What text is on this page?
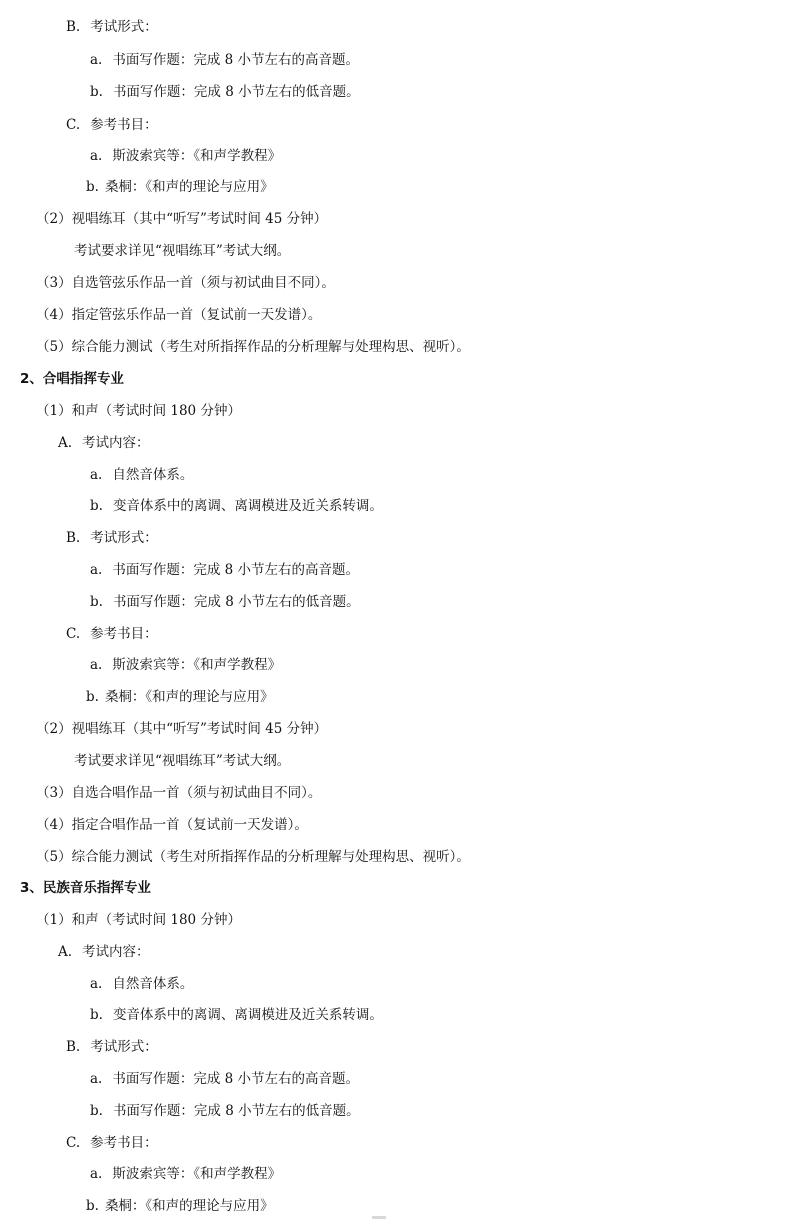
B. 考试形式：
a. 书面写作题：完成 8 小节左右的高音题。
b. 书面写作题：完成 8 小节左右的低音题。
C. 参考书目：
a. 斯波索宾等：《和声学教程》
b. 桑桐：《和声的理论与应用》
（2）视唱练耳（其中“听写”考试时间 45 分钟）
考试要求详见“视唱练耳”考试大纲。
（3）自选管弦乐作品一首（须与初试曲目不同）。
（4）指定管弦乐作品一首（复试前一天发谱）。
（5）综合能力测试（考生对所指挥作品的分析理解与处理构思、视听）。
2、合唱指挥专业
（1）和声（考试时间 180 分钟）
A. 考试内容：
a. 自然音体系。
b. 变音体系中的离调、离调模进及近关系转调。
B. 考试形式：
a. 书面写作题：完成 8 小节左右的高音题。
b. 书面写作题：完成 8 小节左右的低音题。
C. 参考书目：
a. 斯波索宾等：《和声学教程》
b. 桑桐：《和声的理论与应用》
（2）视唱练耳（其中“听写”考试时间 45 分钟）
考试要求详见“视唱练耳”考试大纲。
（3）自选合唱作品一首（须与初试曲目不同）。
（4）指定合唱作品一首（复试前一天发谱）。
（5）综合能力测试（考生对所指挥作品的分析理解与处理构思、视听）。
3、民族音乐指挥专业
（1）和声（考试时间 180 分钟）
A. 考试内容：
a. 自然音体系。
b. 变音体系中的离调、离调模进及近关系转调。
B. 考试形式：
a. 书面写作题：完成 8 小节左右的高音题。
b. 书面写作题：完成 8 小节左右的低音题。
C. 参考书目：
a. 斯波索宾等：《和声学教程》
b. 桑桐：《和声的理论与应用》
